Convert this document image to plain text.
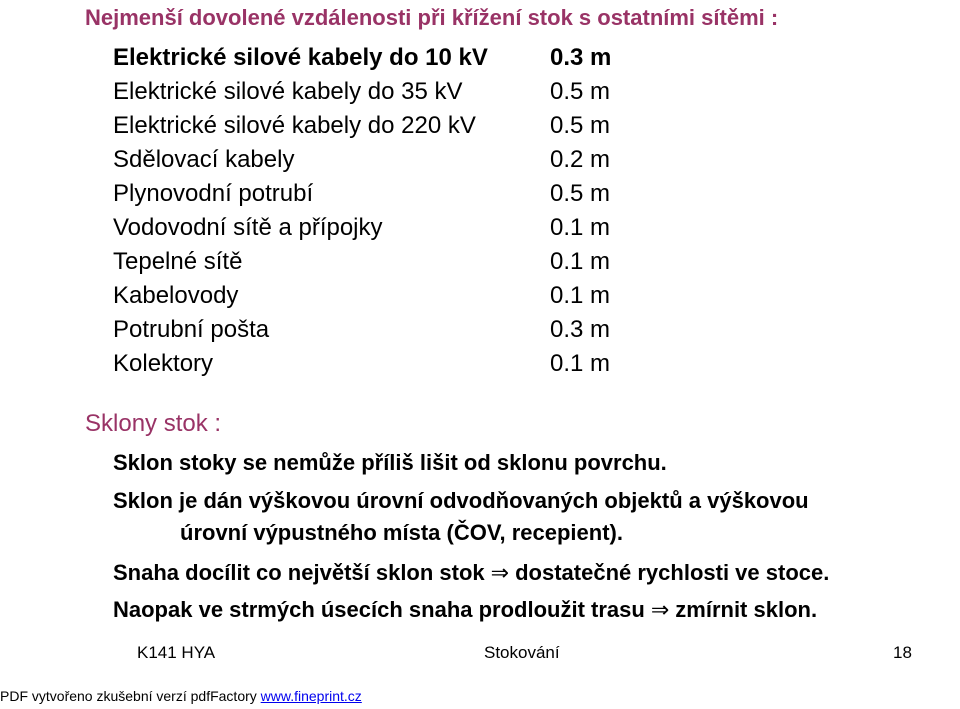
Nejmenší dovolené vzdálenosti při křížení stok s ostatními sítěmi :
Elektrické silové kabely do 10 kV	0.3 m
Elektrické silové kabely do 35 kV	0.5 m
Elektrické silové kabely do 220 kV	0.5 m
Sdělovací kabely	0.2 m
Plynovodní potrubí	0.5 m
Vodovodní sítě a přípojky	0.1 m
Tepelné sítě	0.1 m
Kabelovody	0.1 m
Potrubní pošta	0.3 m
Kolektory	0.1 m
Sklony stok :
Sklon stoky se nemůže příliš lišit od sklonu povrchu.
Sklon je dán výškovou úrovní odvodňovaných objektů a výškovou
úrovní výpustného místa (ČOV, recepient).
Snaha docílit co největší sklon stok ⇒ dostatečné rychlosti ve stoce.
Naopak ve strmých úsecích snaha prodloužit trasu ⇒ zmírnit sklon.
K141 HYA	Stokování	18
PDF vytvořeno zkušební verzí pdfFactory www.fineprint.cz
